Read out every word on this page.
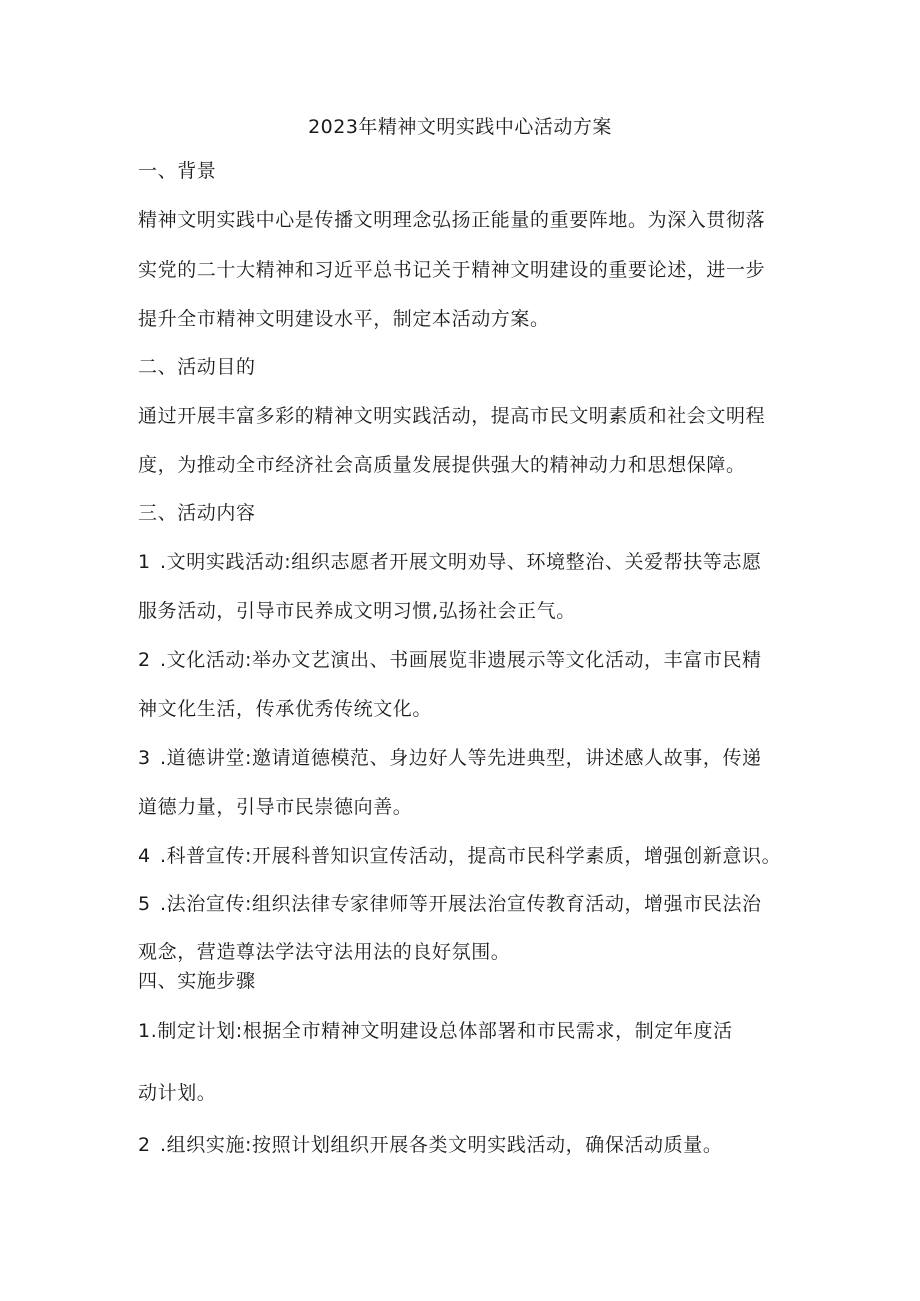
2023年精神文明实践中心活动方案
一、背景
精神文明实践中心是传播文明理念弘扬正能量的重要阵地。为深入贯彻落
实党的二十大精神和习近平总书记关于精神文明建设的重要论述，进一步
提升全市精神文明建设水平，制定本活动方案。
二、活动目的
通过开展丰富多彩的精神文明实践活动，提高市民文明素质和社会文明程
度，为推动全市经济社会高质量发展提供强大的精神动力和思想保障。
三、活动内容
1 .文明实践活动:组织志愿者开展文明劝导、环境整治、关爱帮扶等志愿
服务活动，引导市民养成文明习惯,弘扬社会正气。
2 .文化活动:举办文艺演出、书画展览非遗展示等文化活动，丰富市民精
神文化生活，传承优秀传统文化。
3 .道德讲堂:邀请道德模范、身边好人等先进典型，讲述感人故事，传递
道德力量，引导市民崇德向善。
4 .科普宣传:开展科普知识宣传活动，提高市民科学素质，增强创新意识。
5 .法治宣传:组织法律专家律师等开展法治宣传教育活动，增强市民法治
观念，营造尊法学法守法用法的良好氛围。
四、实施步骤
1.制定计划:根据全市精神文明建设总体部署和市民需求，制定年度活
动计划。
2 .组织实施:按照计划组织开展各类文明实践活动，确保活动质量。
